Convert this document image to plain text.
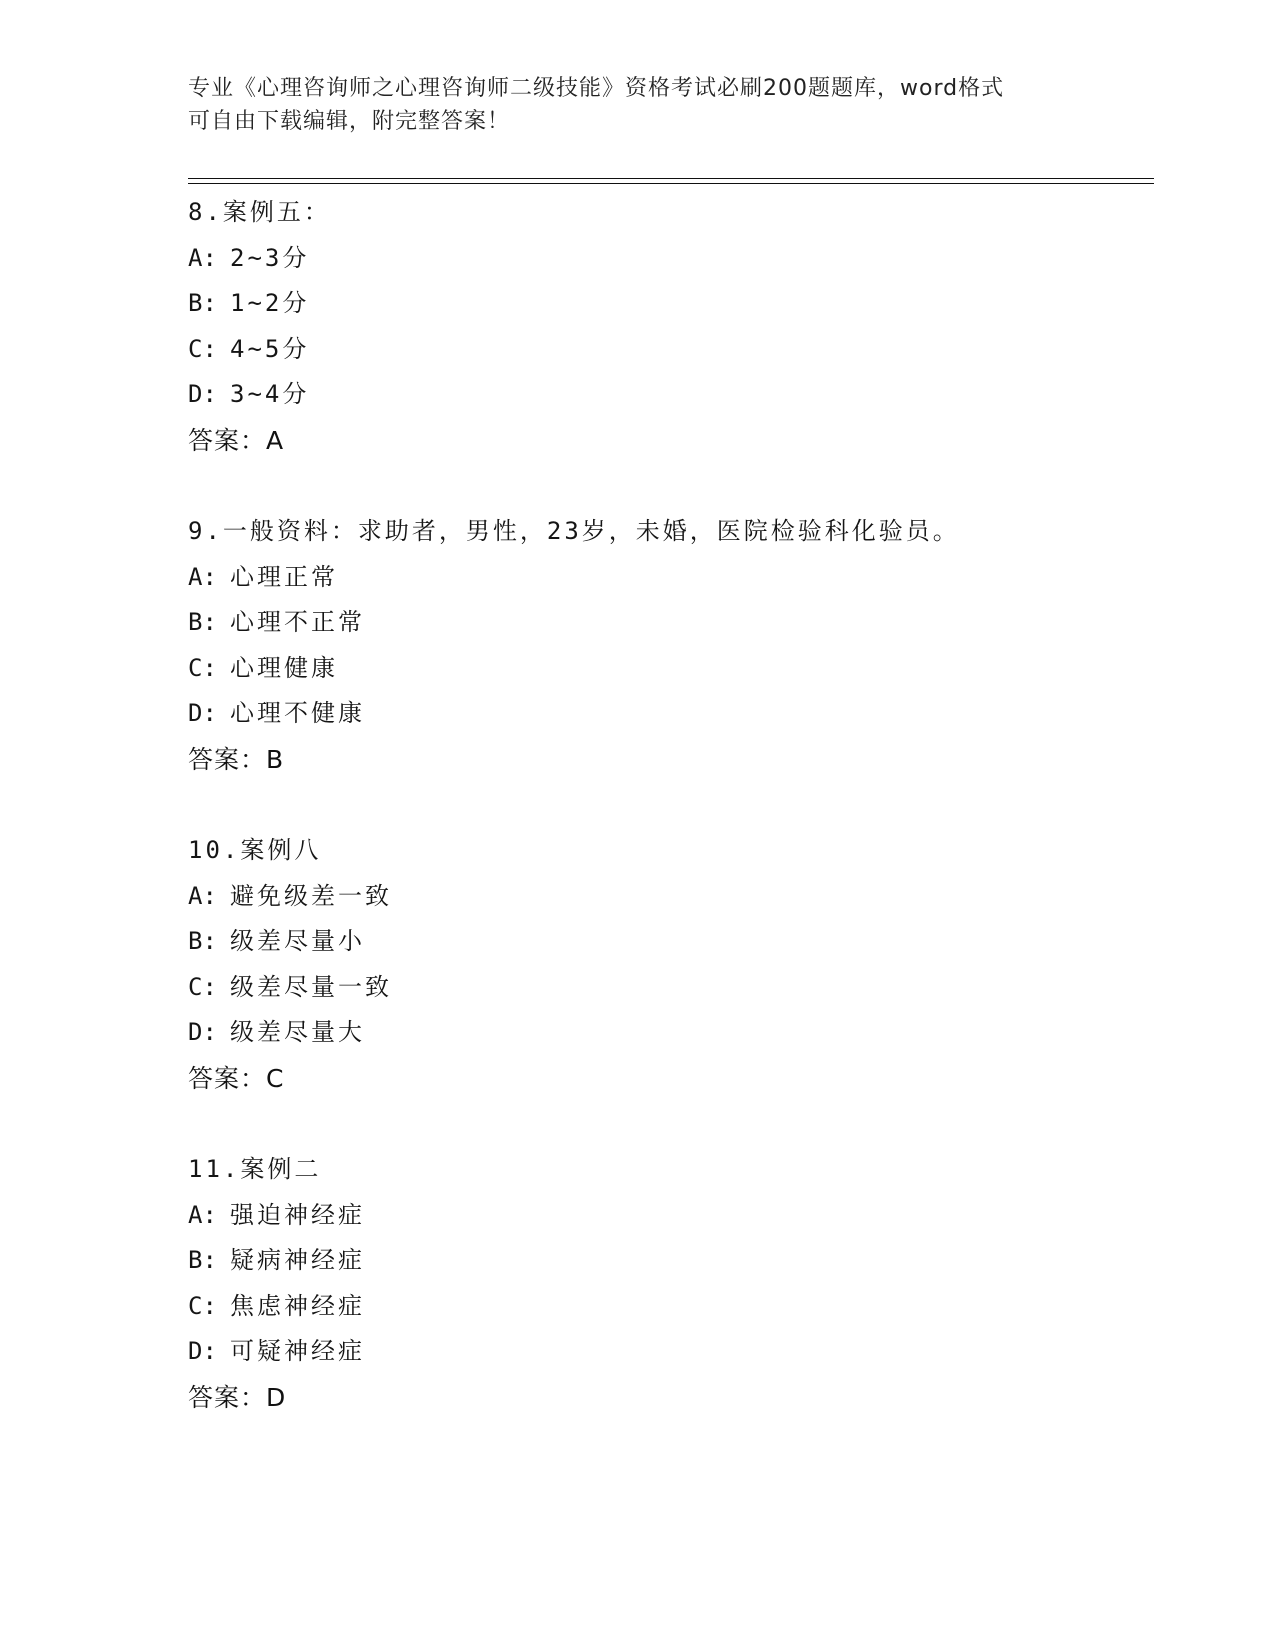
专业《心理咨询师之心理咨询师二级技能》资格考试必刷200题题库，word格式
可自由下载编辑，附完整答案！
8.案例五：
A: 2~3分
B: 1~2分
C: 4~5分
D: 3~4分
答案：A
9.一般资料：求助者，男性，23岁，未婚，医院检验科化验员。
A: 心理正常
B: 心理不正常
C: 心理健康
D: 心理不健康
答案：B
10.案例八
A: 避免级差一致
B: 级差尽量小
C: 级差尽量一致
D: 级差尽量大
答案：C
11.案例二
A: 强迫神经症
B: 疑病神经症
C: 焦虑神经症
D: 可疑神经症
答案：D
